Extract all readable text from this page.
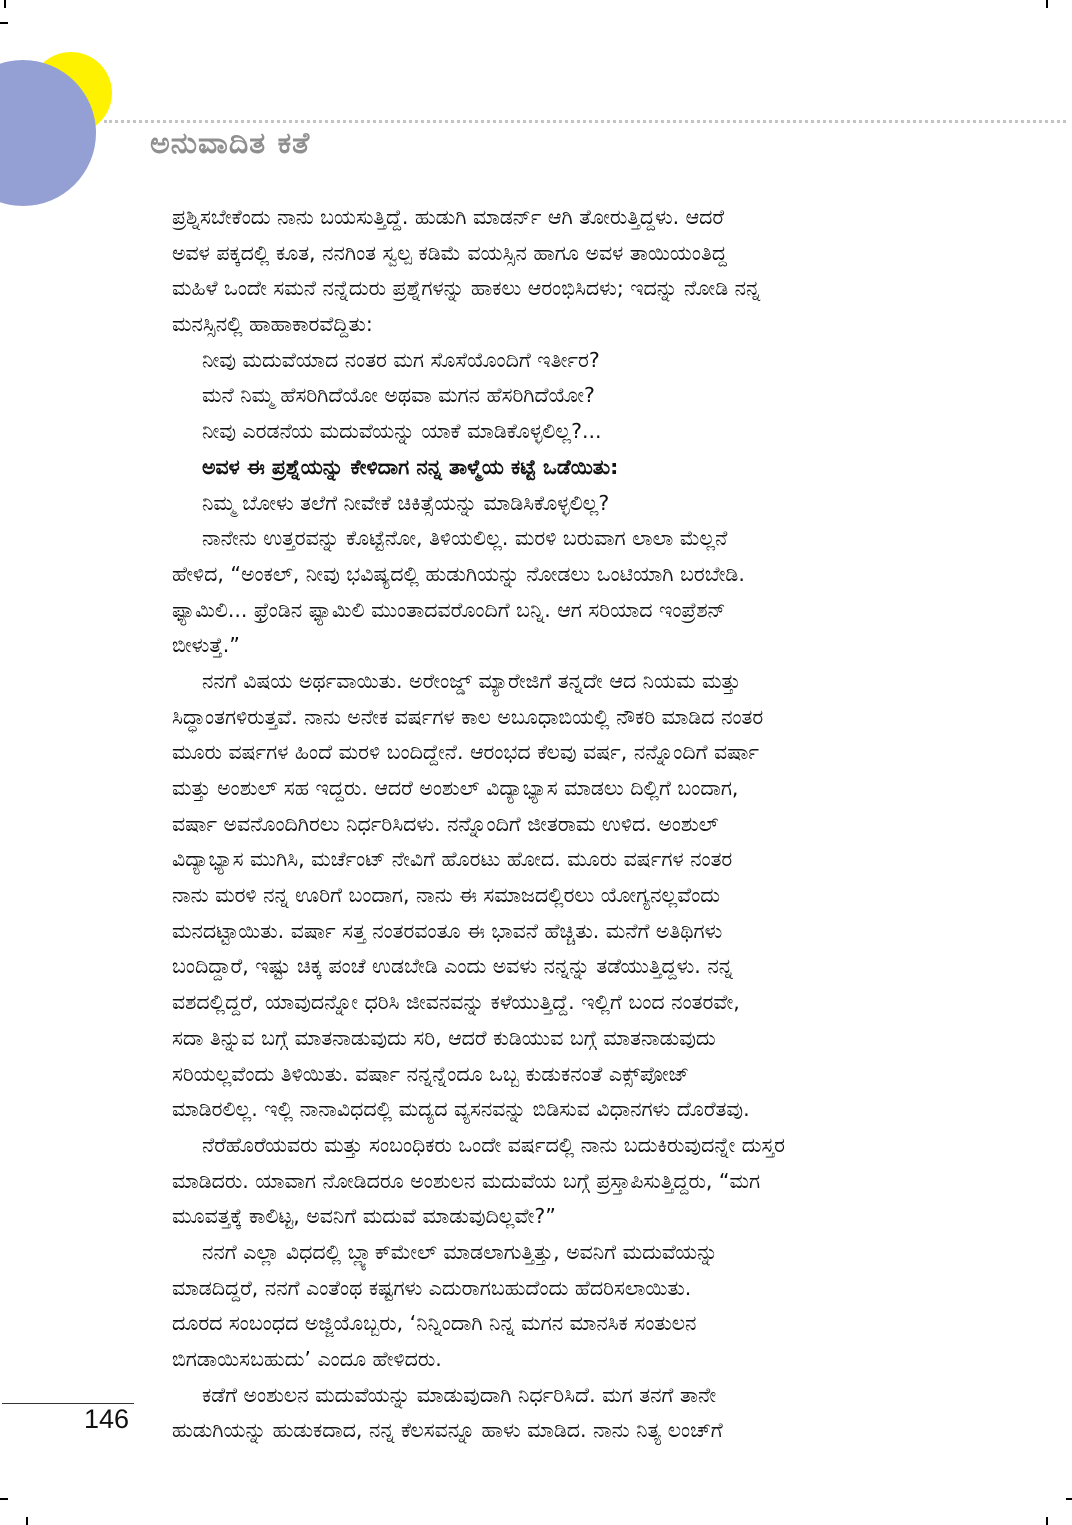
ಅನುವಾದಿತ ಕತೆ
ಪ್ರಶ್ನಿಸಬೇಕೆಂದು ನಾನು ಬಯಸುತ್ತಿದ್ದೆ. ಹುಡುಗಿ ಮಾಡರ್ನ್ ಆಗಿ ತೋರುತ್ತಿದ್ದಳು. ಆದರೆ
ಅವಳ ಪಕ್ಕದಲ್ಲಿ ಕೂತ, ನನಗಿಂತ ಸ್ವಲ್ಪ ಕಡಿಮೆ ವಯಸ್ಸಿನ ಹಾಗೂ ಅವಳ ತಾಯಿಯಂತಿದ್ದ
ಮಹಿಳೆ ಒಂದೇ ಸಮನೆ ನನ್ನೆದುರು ಪ್ರಶ್ನೆಗಳನ್ನು ಹಾಕಲು ಆರಂಭಿಸಿದಳು; ಇದನ್ನು ನೋಡಿ ನನ್ನ
ಮನಸ್ಸಿನಲ್ಲಿ ಹಾಹಾಕಾರವೆದ್ದಿತು:
ನೀವು ಮದುವೆಯಾದ ನಂತರ ಮಗ ಸೊಸೆಯೊಂದಿಗೆ ಇರ್ತೀರ?
ಮನೆ ನಿಮ್ಮ ಹೆಸರಿಗಿದೆಯೋ ಅಥವಾ ಮಗನ ಹೆಸರಿಗಿದೆಯೋ?
ನೀವು ಎರಡನೆಯ ಮದುವೆಯನ್ನು ಯಾಕೆ ಮಾಡಿಕೊಳ್ಳಲಿಲ್ಲ?...
ಅವಳ ಈ ಪ್ರಶ್ನೆಯನ್ನು ಕೇಳಿದಾಗ ನನ್ನ ತಾಳ್ಮೆಯ ಕಟ್ಟೆ ಒಡೆಯಿತು:
ನಿಮ್ಮ ಬೋಳು ತಲೆಗೆ ನೀವೇಕೆ ಚಿಕಿತ್ಸೆಯನ್ನು ಮಾಡಿಸಿಕೊಳ್ಳಲಿಲ್ಲ?
ನಾನೇನು ಉತ್ತರವನ್ನು ಕೊಟ್ಟೆನೋ, ತಿಳಿಯಲಿಲ್ಲ. ಮರಳಿ ಬರುವಾಗ ಲಾಲಾ ಮೆಲ್ಲನೆ
ಹೇಳಿದ, “ಅಂಕಲ್, ನೀವು ಭವಿಷ್ಯದಲ್ಲಿ ಹುಡುಗಿಯನ್ನು ನೋಡಲು ಒಂಟಿಯಾಗಿ ಬರಬೇಡಿ.
ಫ್ಯಾಮಿಲಿ... ಫ್ರೆಂಡಿನ ಫ್ಯಾಮಿಲಿ ಮುಂತಾದವರೊಂದಿಗೆ ಬನ್ನಿ. ಆಗ ಸರಿಯಾದ ಇಂಪ್ರೆಶನ್
ಬೀಳುತ್ತೆ.”
ನನಗೆ ವಿಷಯ ಅರ್ಥವಾಯಿತು. ಅರೇಂಜ್ಡ್ ಮ್ಯಾರೇಜಿಗೆ ತನ್ನದೇ ಆದ ನಿಯಮ ಮತ್ತು
ಸಿದ್ಧಾಂತಗಳಿರುತ್ತವೆ. ನಾನು ಅನೇಕ ವರ್ಷಗಳ ಕಾಲ ಅಬೂಧಾಬಿಯಲ್ಲಿ ನೌಕರಿ ಮಾಡಿದ ನಂತರ
ಮೂರು ವರ್ಷಗಳ ಹಿಂದೆ ಮರಳಿ ಬಂದಿದ್ದೇನೆ. ಆರಂಭದ ಕೆಲವು ವರ್ಷ, ನನ್ನೊಂದಿಗೆ ವರ್ಷಾ
ಮತ್ತು ಅಂಶುಲ್ ಸಹ ಇದ್ದರು. ಆದರೆ ಅಂಶುಲ್ ವಿದ್ಯಾಭ್ಯಾಸ ಮಾಡಲು ದಿಲ್ಲಿಗೆ ಬಂದಾಗ,
ವರ್ಷಾ ಅವನೊಂದಿಗಿರಲು ನಿರ್ಧರಿಸಿದಳು. ನನ್ನೊಂದಿಗೆ ಜೀತರಾಮ ಉಳಿದ. ಅಂಶುಲ್
ವಿದ್ಯಾಭ್ಯಾಸ ಮುಗಿಸಿ, ಮರ್ಚೆಂಟ್ ನೇವಿಗೆ ಹೊರಟು ಹೋದ. ಮೂರು ವರ್ಷಗಳ ನಂತರ
ನಾನು ಮರಳಿ ನನ್ನ ಊರಿಗೆ ಬಂದಾಗ, ನಾನು ಈ ಸಮಾಜದಲ್ಲಿರಲು ಯೋಗ್ಯನಲ್ಲವೆಂದು
ಮನದಟ್ಟಾಯಿತು. ವರ್ಷಾ ಸತ್ತ ನಂತರವಂತೂ ಈ ಭಾವನೆ ಹೆಚ್ಚಿತು. ಮನೆಗೆ ಅತಿಥಿಗಳು
ಬಂದಿದ್ದಾರೆ, ಇಷ್ಟು ಚಿಕ್ಕ ಪಂಚೆ ಉಡಬೇಡಿ ಎಂದು ಅವಳು ನನ್ನನ್ನು ತಡೆಯುತ್ತಿದ್ದಳು. ನನ್ನ
ವಶದಲ್ಲಿದ್ದರೆ, ಯಾವುದನ್ನೋ ಧರಿಸಿ ಜೀವನವನ್ನು ಕಳೆಯುತ್ತಿದ್ದೆ. ಇಲ್ಲಿಗೆ ಬಂದ ನಂತರವೇ,
ಸದಾ ತಿನ್ನುವ ಬಗ್ಗೆ ಮಾತನಾಡುವುದು ಸರಿ, ಆದರೆ ಕುಡಿಯುವ ಬಗ್ಗೆ ಮಾತನಾಡುವುದು
ಸರಿಯಲ್ಲವೆಂದು ತಿಳಿಯಿತು. ವರ್ಷಾ ನನ್ನನ್ನೆಂದೂ ಒಬ್ಬ ಕುಡುಕನಂತೆ ಎಕ್ಸ್‌ಪೋಜ್
ಮಾಡಿರಲಿಲ್ಲ. ಇಲ್ಲಿ ನಾನಾವಿಧದಲ್ಲಿ ಮದ್ಯದ ವ್ಯಸನವನ್ನು ಬಿಡಿಸುವ ವಿಧಾನಗಳು ದೊರೆತವು.
ನೆರೆಹೊರೆಯವರು ಮತ್ತು ಸಂಬಂಧಿಕರು ಒಂದೇ ವರ್ಷದಲ್ಲಿ ನಾನು ಬದುಕಿರುವುದನ್ನೇ ದುಸ್ತರ
ಮಾಡಿದರು. ಯಾವಾಗ ನೋಡಿದರೂ ಅಂಶುಲನ ಮದುವೆಯ ಬಗ್ಗೆ ಪ್ರಸ್ತಾಪಿಸುತ್ತಿದ್ದರು, “ಮಗ
ಮೂವತ್ತಕ್ಕೆ ಕಾಲಿಟ್ಟ, ಅವನಿಗೆ ಮದುವೆ ಮಾಡುವುದಿಲ್ಲವೇ?”
ನನಗೆ ಎಲ್ಲಾ ವಿಧದಲ್ಲಿ ಬ್ಲ್ಯಾಕ್‌ಮೇಲ್ ಮಾಡಲಾಗುತ್ತಿತ್ತು, ಅವನಿಗೆ ಮದುವೆಯನ್ನು
ಮಾಡದಿದ್ದರೆ, ನನಗೆ ಎಂತೆಂಥ ಕಷ್ಟಗಳು ಎದುರಾಗಬಹುದೆಂದು ಹೆದರಿಸಲಾಯಿತು.
ದೂರದ ಸಂಬಂಧದ ಅಜ್ಜಿಯೊಬ್ಬರು, ‘ನಿನ್ನಿಂದಾಗಿ ನಿನ್ನ ಮಗನ ಮಾನಸಿಕ ಸಂತುಲನ
ಬಿಗಡಾಯಿಸಬಹುದು’ ಎಂದೂ ಹೇಳಿದರು.
ಕಡೆಗೆ ಅಂಶುಲನ ಮದುವೆಯನ್ನು ಮಾಡುವುದಾಗಿ ನಿರ್ಧರಿಸಿದೆ. ಮಗ ತನಗೆ ತಾನೇ
ಹುಡುಗಿಯನ್ನು ಹುಡುಕದಾದ, ನನ್ನ ಕೆಲಸವನ್ನೂ ಹಾಳು ಮಾಡಿದ. ನಾನು ನಿತ್ಯ ಲಂಚ್‌ಗೆ
146
